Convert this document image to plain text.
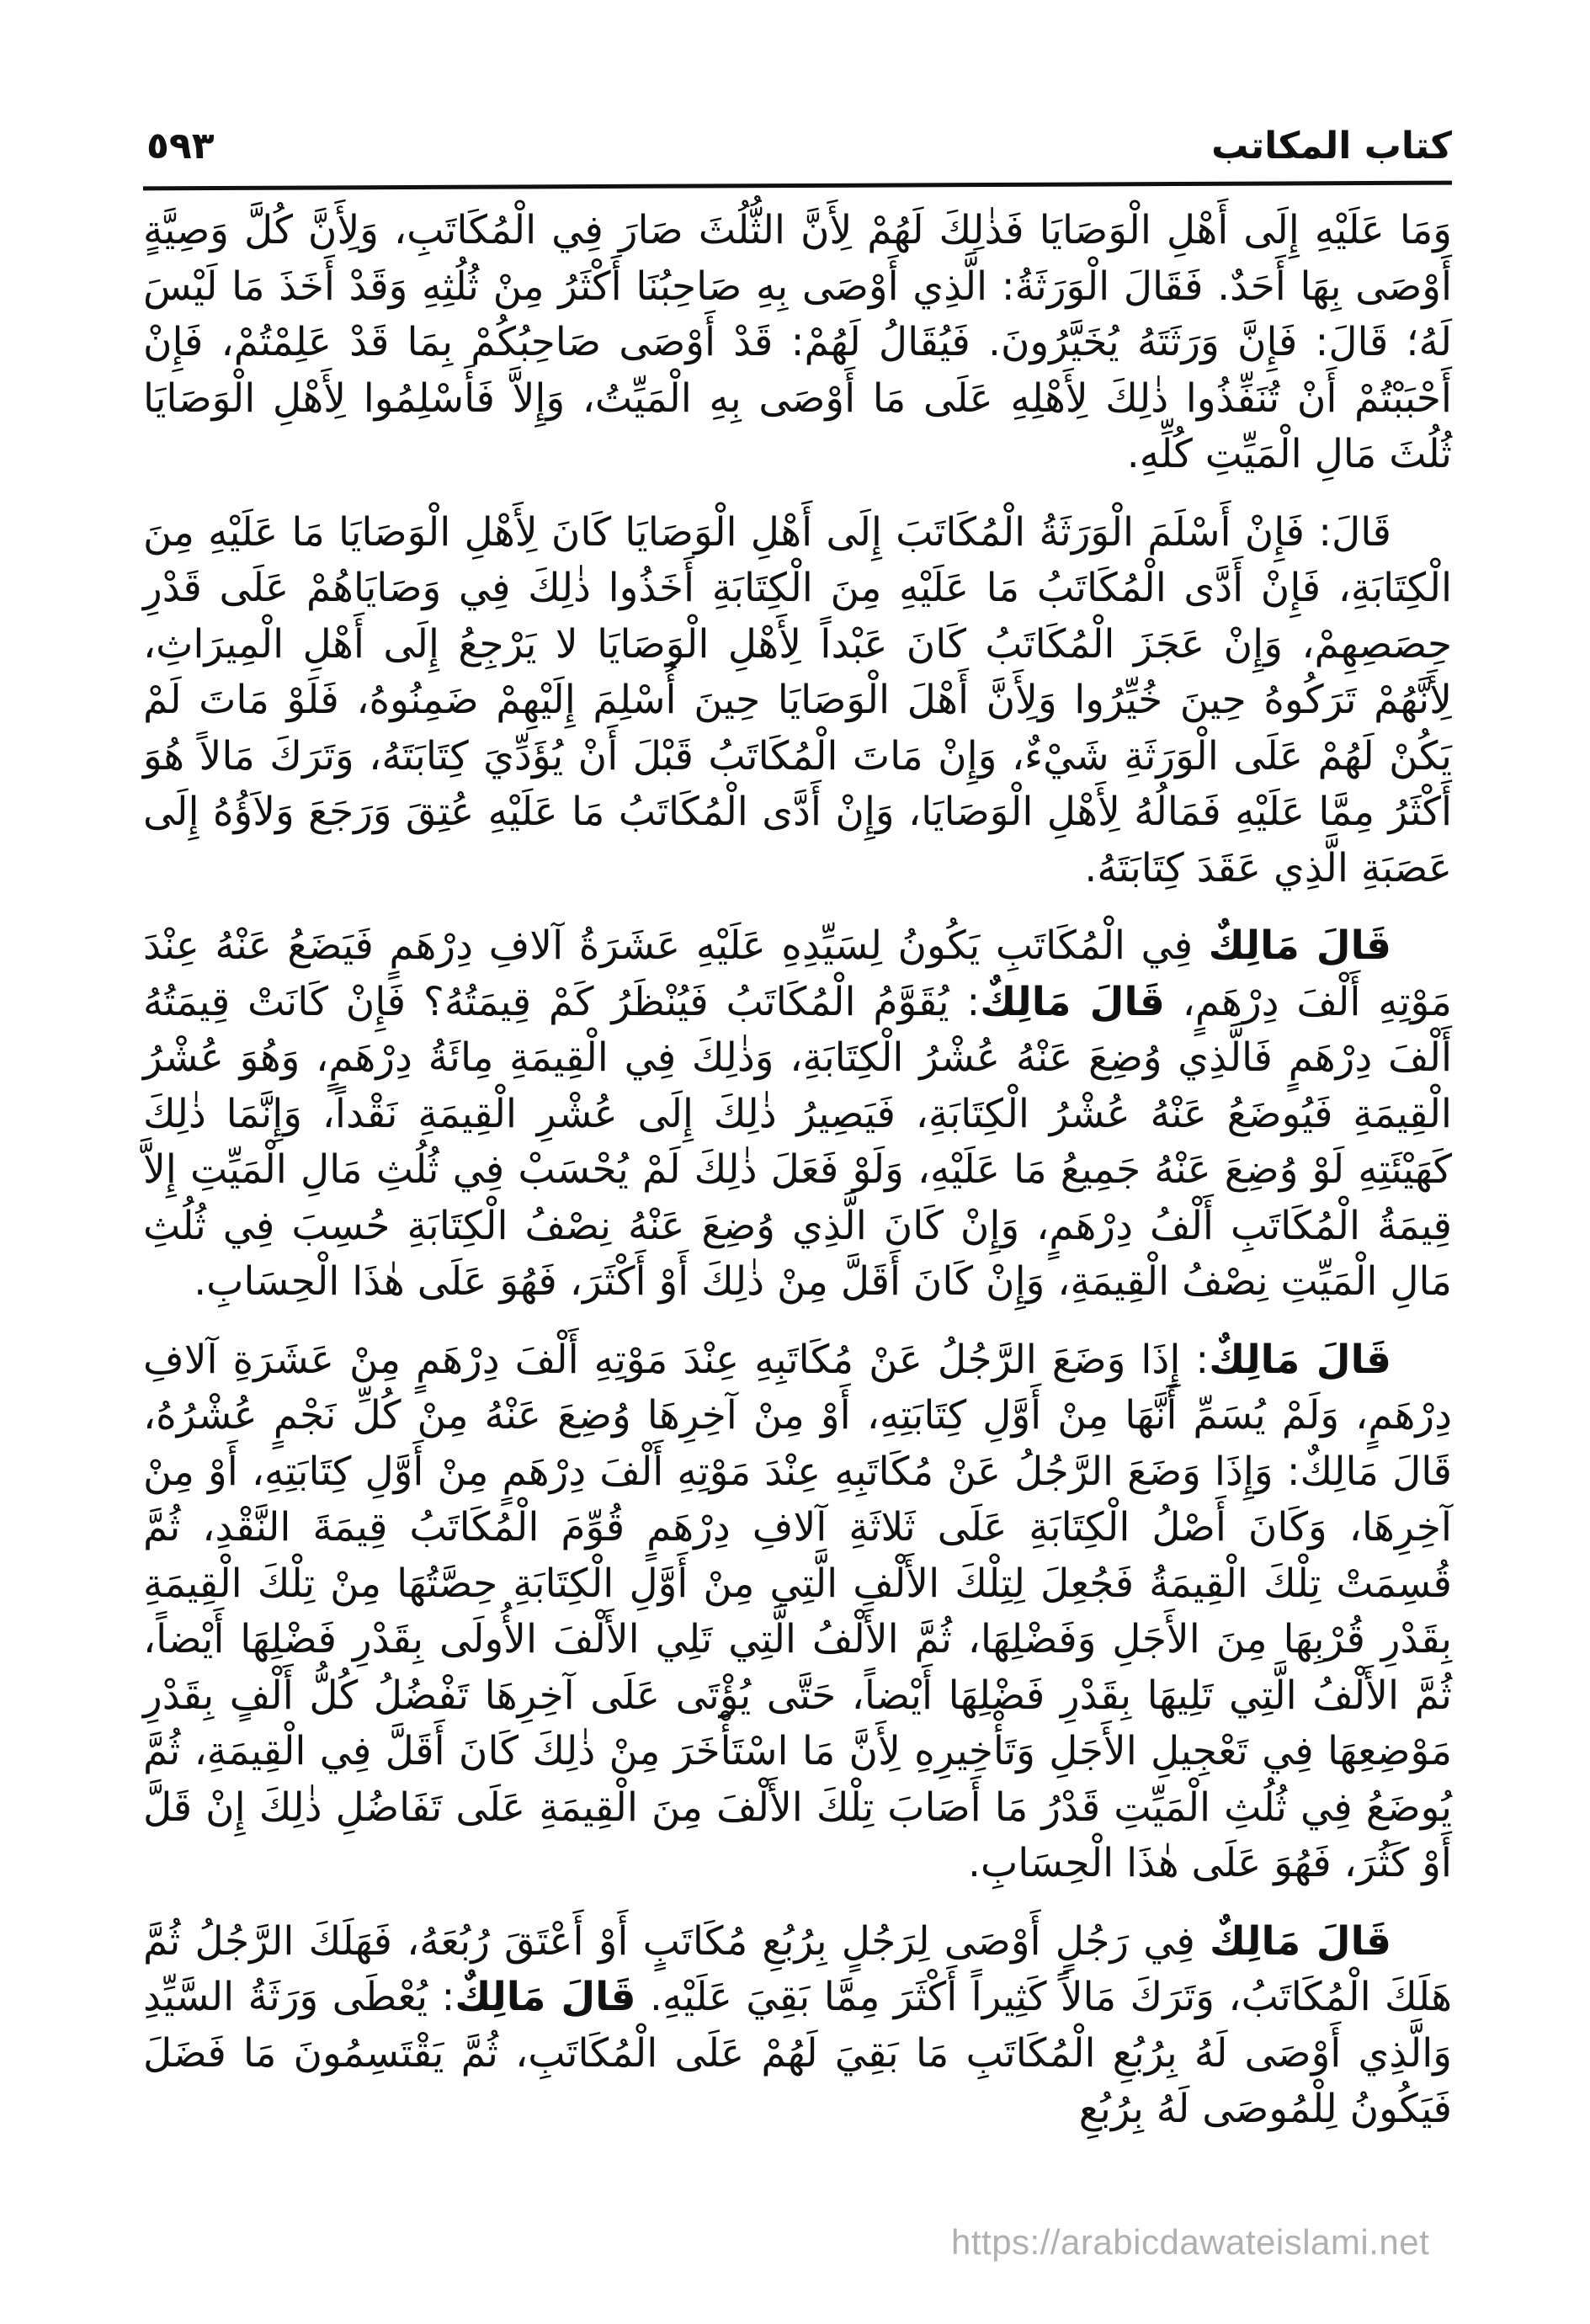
كتاب المكاتب
٥٩٣

وَمَا عَلَيْهِ إِلَى أَهْلِ الْوَصَايَا فَذٰلِكَ لَهُمْ لِأَنَّ الثُّلُثَ صَارَ فِي الْمُكَاتَبِ، وَلِأَنَّ كُلَّ وَصِيَّةٍ أَوْصَى بِهَا أَحَدٌ. فَقَالَ الْوَرَثَةُ: الَّذِي أَوْصَى بِهِ صَاحِبُنَا أَكْثَرُ مِنْ ثُلُثِهِ وَقَدْ أَخَذَ مَا لَيْسَ لَهُ؛ قَالَ: فَإِنَّ وَرَثَتَهُ يُخَيَّرُونَ. فَيُقَالُ لَهُمْ: قَدْ أَوْصَى صَاحِبُكُمْ بِمَا قَدْ عَلِمْتُمْ، فَإِنْ أَحْبَبْتُمْ أَنْ تُنَفِّذُوا ذٰلِكَ لِأَهْلِهِ عَلَى مَا أَوْصَى بِهِ الْمَيِّتُ، وَإِلاَّ فَأَسْلِمُوا لِأَهْلِ الْوَصَايَا ثُلُثَ مَالِ الْمَيِّتِ كُلِّهِ.

قَالَ: فَإِنْ أَسْلَمَ الْوَرَثَةُ الْمُكَاتَبَ إِلَى أَهْلِ الْوَصَايَا كَانَ لِأَهْلِ الْوَصَايَا مَا عَلَيْهِ مِنَ الْكِتَابَةِ، فَإِنْ أَدَّى الْمُكَاتَبُ مَا عَلَيْهِ مِنَ الْكِتَابَةِ أَخَذُوا ذٰلِكَ فِي وَصَايَاهُمْ عَلَى قَدْرِ حِصَصِهِمْ، وَإِنْ عَجَزَ الْمُكَاتَبُ كَانَ عَبْداً لِأَهْلِ الْوَصَايَا لا يَرْجِعُ إِلَى أَهْلِ الْمِيرَاثِ، لِأَنَّهُمْ تَرَكُوهُ حِينَ خُيِّرُوا وَلِأَنَّ أَهْلَ الْوَصَايَا حِينَ أُسْلِمَ إِلَيْهِمْ ضَمِنُوهُ، فَلَوْ مَاتَ لَمْ يَكُنْ لَهُمْ عَلَى الْوَرَثَةِ شَيْءٌ، وَإِنْ مَاتَ الْمُكَاتَبُ قَبْلَ أَنْ يُؤَدِّيَ كِتَابَتَهُ، وَتَرَكَ مَالاً هُوَ أَكْثَرُ مِمَّا عَلَيْهِ فَمَالُهُ لِأَهْلِ الْوَصَايَا، وَإِنْ أَدَّى الْمُكَاتَبُ مَا عَلَيْهِ عُتِقَ وَرَجَعَ وَلاَؤُهُ إِلَى عَصَبَةِ الَّذِي عَقَدَ كِتَابَتَهُ.

قَالَ مَالِكٌ فِي الْمُكَاتَبِ يَكُونُ لِسَيِّدِهِ عَلَيْهِ عَشَرَةُ آلافِ دِرْهَمٍ فَيَضَعُ عَنْهُ عِنْدَ مَوْتِهِ أَلْفَ دِرْهَمٍ، قَالَ مَالِكٌ: يُقَوَّمُ الْمُكَاتَبُ فَيُنْظَرُ كَمْ قِيمَتُهُ؟ فَإِنْ كَانَتْ قِيمَتُهُ أَلْفَ دِرْهَمٍ فَالَّذِي وُضِعَ عَنْهُ عُشْرُ الْكِتَابَةِ، وَذٰلِكَ فِي الْقِيمَةِ مِائَةُ دِرْهَمٍ، وَهُوَ عُشْرُ الْقِيمَةِ فَيُوضَعُ عَنْهُ عُشْرُ الْكِتَابَةِ، فَيَصِيرُ ذٰلِكَ إِلَى عُشْرِ الْقِيمَةِ نَقْداً، وَإِنَّمَا ذٰلِكَ كَهَيْئَتِهِ لَوْ وُضِعَ عَنْهُ جَمِيعُ مَا عَلَيْهِ، وَلَوْ فَعَلَ ذٰلِكَ لَمْ يُحْسَبْ فِي ثُلُثِ مَالِ الْمَيِّتِ إِلاَّ قِيمَةُ الْمُكَاتَبِ أَلْفُ دِرْهَمٍ، وَإِنْ كَانَ الَّذِي وُضِعَ عَنْهُ نِصْفُ الْكِتَابَةِ حُسِبَ فِي ثُلُثِ مَالِ الْمَيِّتِ نِصْفُ الْقِيمَةِ، وَإِنْ كَانَ أَقَلَّ مِنْ ذٰلِكَ أَوْ أَكْثَرَ، فَهُوَ عَلَى هٰذَا الْحِسَابِ.

قَالَ مَالِكٌ: إِذَا وَضَعَ الرَّجُلُ عَنْ مُكَاتَبِهِ عِنْدَ مَوْتِهِ أَلْفَ دِرْهَمٍ مِنْ عَشَرَةِ آلافِ دِرْهَمٍ، وَلَمْ يُسَمِّ أَنَّهَا مِنْ أَوَّلِ كِتَابَتِهِ، أَوْ مِنْ آخِرِهَا وُضِعَ عَنْهُ مِنْ كُلِّ نَجْمٍ عُشْرُهُ، قَالَ مَالِكٌ: وَإِذَا وَضَعَ الرَّجُلُ عَنْ مُكَاتَبِهِ عِنْدَ مَوْتِهِ أَلْفَ دِرْهَمٍ مِنْ أَوَّلِ كِتَابَتِهِ، أَوْ مِنْ آخِرِهَا، وَكَانَ أَصْلُ الْكِتَابَةِ عَلَى ثَلاثَةِ آلافِ دِرْهَمٍ قُوِّمَ الْمُكَاتَبُ قِيمَةَ النَّقْدِ، ثُمَّ قُسِمَتْ تِلْكَ الْقِيمَةُ فَجُعِلَ لِتِلْكَ الأَلْفِ الَّتِي مِنْ أَوَّلِ الْكِتَابَةِ حِصَّتُهَا مِنْ تِلْكَ الْقِيمَةِ بِقَدْرِ قُرْبِهَا مِنَ الأَجَلِ وَفَضْلِهَا، ثُمَّ الأَلْفُ الَّتِي تَلِي الأَلْفَ الأُولَى بِقَدْرِ فَضْلِهَا أَيْضاً، ثُمَّ الأَلْفُ الَّتِي تَلِيهَا بِقَدْرِ فَضْلِهَا أَيْضاً، حَتَّى يُؤْتَى عَلَى آخِرِهَا تَفْضُلُ كُلُّ أَلْفٍ بِقَدْرِ مَوْضِعِهَا فِي تَعْجِيلِ الأَجَلِ وَتَأْخِيرِهِ لِأَنَّ مَا اسْتَأْخَرَ مِنْ ذٰلِكَ كَانَ أَقَلَّ فِي الْقِيمَةِ، ثُمَّ يُوضَعُ فِي ثُلُثِ الْمَيِّتِ قَدْرُ مَا أَصَابَ تِلْكَ الأَلْفَ مِنَ الْقِيمَةِ عَلَى تَفَاضُلِ ذٰلِكَ إِنْ قَلَّ أَوْ كَثُرَ، فَهُوَ عَلَى هٰذَا الْحِسَابِ.

قَالَ مَالِكٌ فِي رَجُلٍ أَوْصَى لِرَجُلٍ بِرُبُعِ مُكَاتَبٍ أَوْ أَعْتَقَ رُبُعَهُ، فَهَلَكَ الرَّجُلُ ثُمَّ هَلَكَ الْمُكَاتَبُ، وَتَرَكَ مَالاً كَثِيراً أَكْثَرَ مِمَّا بَقِيَ عَلَيْهِ. قَالَ مَالِكٌ: يُعْطَى وَرَثَةُ السَّيِّدِ وَالَّذِي أَوْصَى لَهُ بِرُبُعِ الْمُكَاتَبِ مَا بَقِيَ لَهُمْ عَلَى الْمُكَاتَبِ، ثُمَّ يَقْتَسِمُونَ مَا فَضَلَ فَيَكُونُ لِلْمُوصَى لَهُ بِرُبُعِ

https://arabicdawateislami.net
